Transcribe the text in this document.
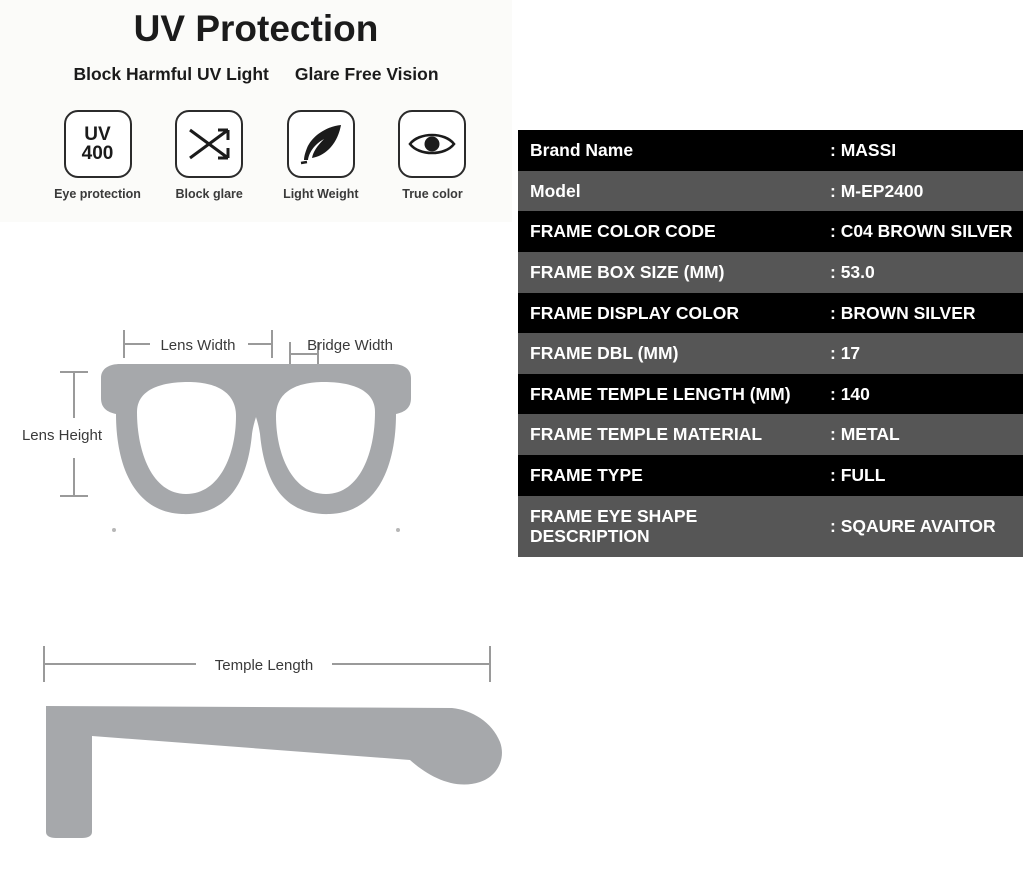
UV Protection
Block Harmful UV Light Glare Free Vision
UV
400
Eye protection	Block glare	Light Weight	True color
Lens Width	Bridge Width
Lens Height
Temple Length
Brand Name	: MASSI
Model	: M-EP2400
FRAME COLOR CODE	: C04 BROWN SILVER
FRAME BOX SIZE (MM)	: 53.0
FRAME DISPLAY COLOR	: BROWN SILVER
FRAME DBL (MM)	: 17
FRAME TEMPLE LENGTH (MM)	: 140
FRAME TEMPLE MATERIAL	: METAL
FRAME TYPE	: FULL
FRAME EYE SHAPE DESCRIPTION	: SQAURE AVAITOR
